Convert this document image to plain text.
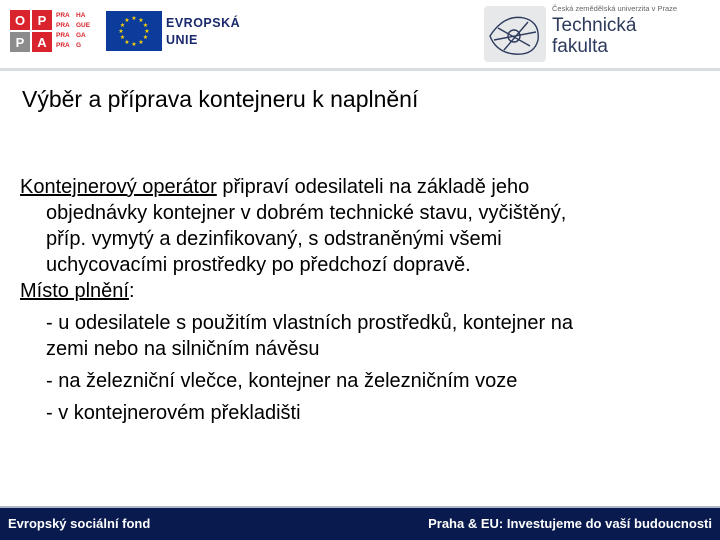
O P
P A
PRA
PRA
PRA
PRA
HA
GUE
GA
G
★ ★
★
★
★
★
★
★
★
★
★
★	EVROPSKÁ
UNIE
Česká zemědělská univerzita v Praze
Technická
fakulta
Výběr a příprava kontejneru k naplnění
Kontejnerový operátor připraví odesilateli na základě jeho
objednávky kontejner v dobrém technické stavu, vyčištěný,
příp. vymytý a dezinfikovaný, s odstraněnými všemi
uchycovacími prostředky po předchozí dopravě.
Místo plnění:
- u odesilatele s použitím vlastních prostředků, kontejner na
zemi nebo na silničním návěsu
- na železniční vlečce, kontejner na železničním voze
- v kontejnerovém překladišti
Evropský sociální fond	Praha & EU: Investujeme do vaší budoucnosti
